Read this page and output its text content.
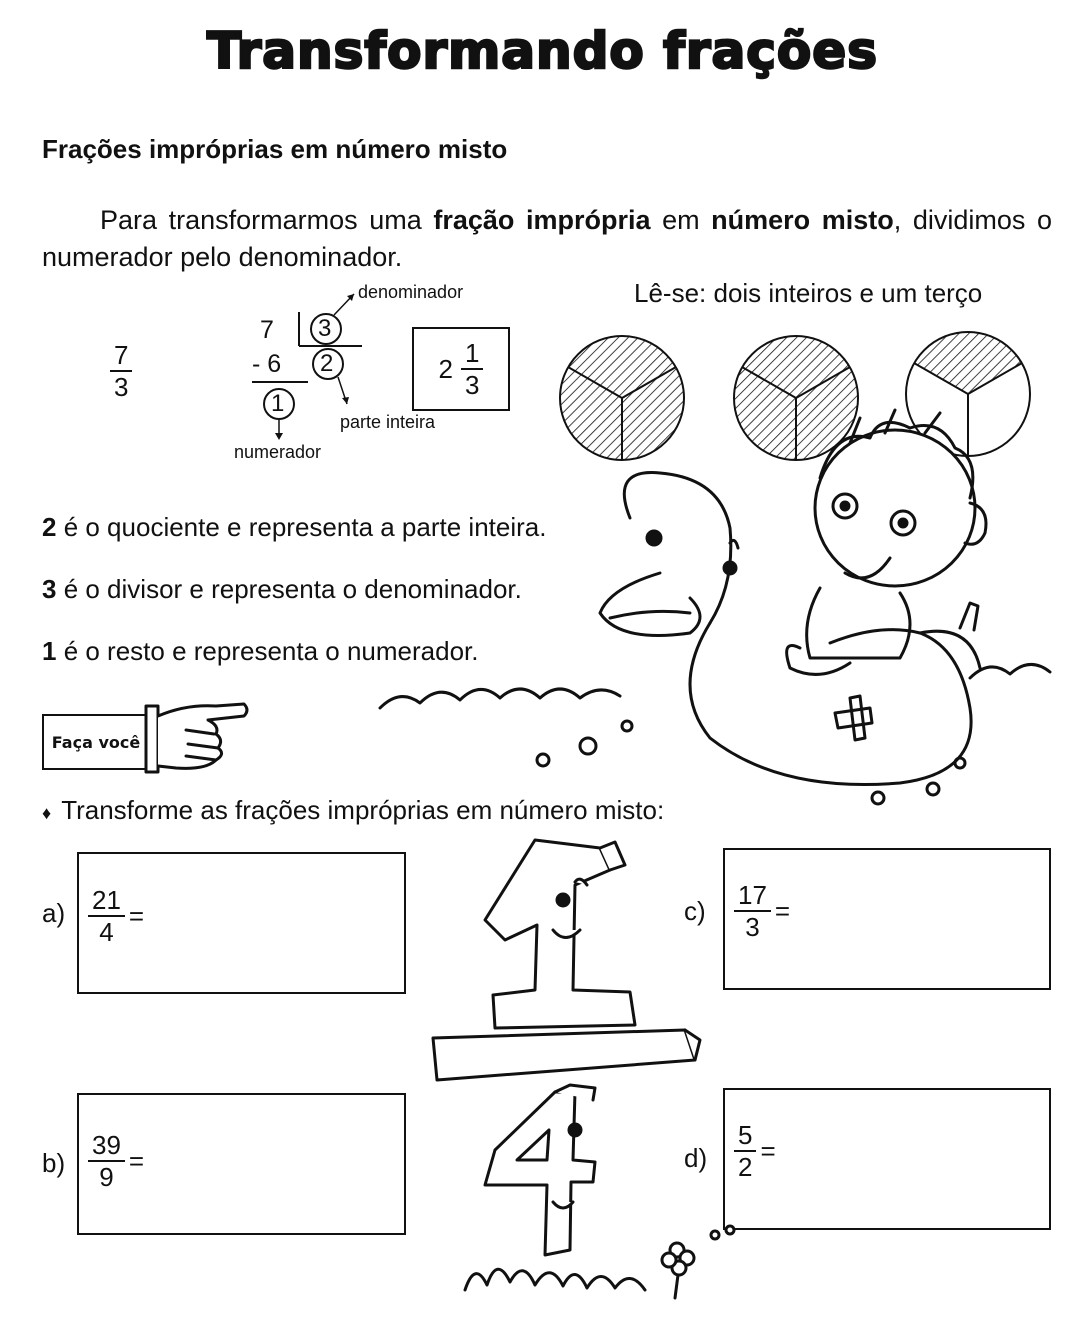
Transformando frações
Frações impróprias em número misto
Para transformarmos uma fração imprópria em número misto, dividimos o numerador pelo denominador.
Lê-se: dois inteiros e um terço
$\frac{7}{3}$
7 3
- 6 2
1
denominador
parte inteira
numerador
$2 \frac{1}{3}$
2 é o quociente e representa a parte inteira.
3 é o divisor e representa o denominador.
1 é o resto e representa o numerador.
Faça você
♦ Transforme as frações impróprias em número misto:
$a) \frac{21}{4}$ =
$b) \frac{39}{9}$ =
$c) \frac{17}{3}$ =
$d) \frac{5}{2}$ =
